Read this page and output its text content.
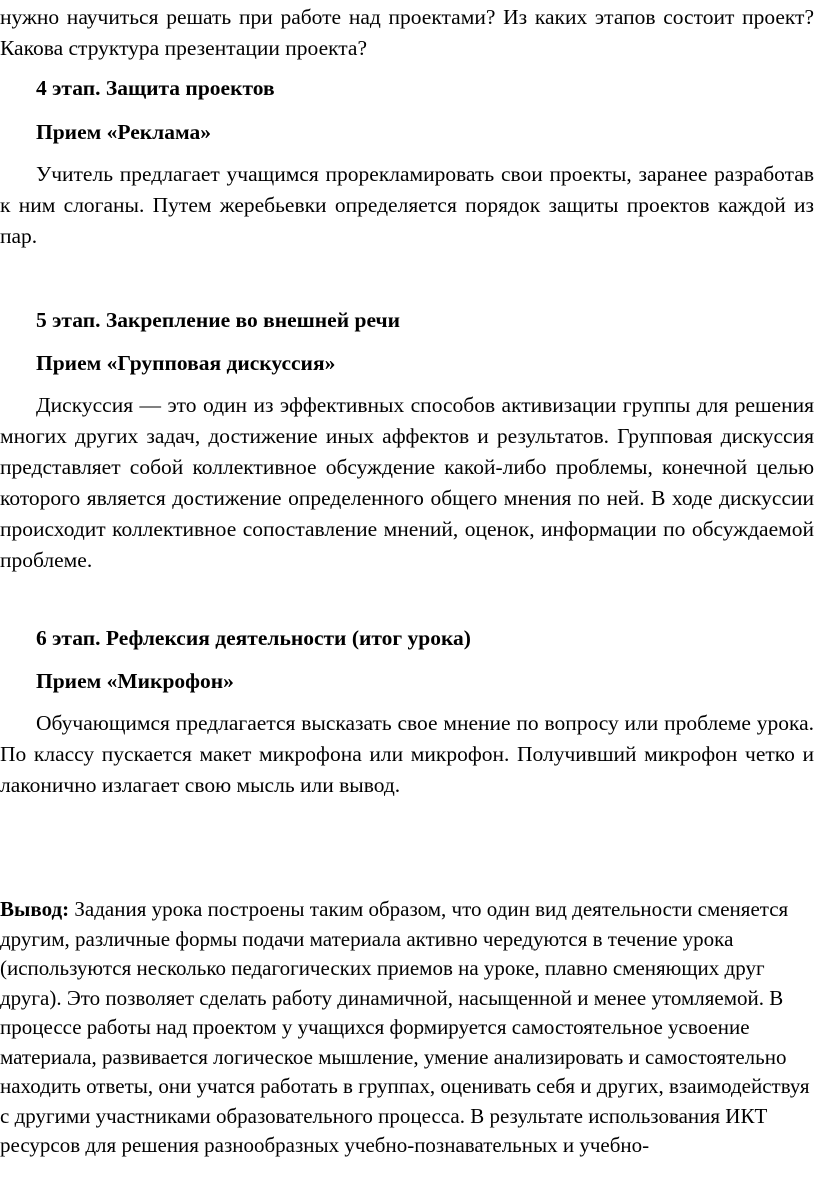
нужно научиться решать при работе над проектами? Из каких этапов состоит проект? Какова структура презентации проекта?

4 этап. Защита проектов

Прием «Реклама»

Учитель предлагает учащимся прорекламировать свои проекты, заранее разработав к ним слоганы. Путем жеребьевки определяется порядок защиты проектов каждой из пар.

5 этап. Закрепление во внешней речи

Прием «Групповая дискуссия»

Дискуссия — это один из эффективных способов активизации группы для решения многих других задач, достижение иных аффектов и результатов. Групповая дискуссия представляет собой коллективное обсуждение какой-либо проблемы, конечной целью которого является достижение определенного общего мнения по ней. В ходе дискуссии происходит коллективное сопоставление мнений, оценок, информации по обсуждаемой проблеме.

6 этап. Рефлексия деятельности (итог урока)

Прием «Микрофон»

Обучающимся предлагается высказать свое мнение по вопросу или проблеме урока. По классу пускается макет микрофона или микрофон. Получивший микрофон четко и лаконично излагает свою мысль или вывод.

Вывод: Задания урока построены таким образом, что один вид деятельности сменяется другим, различные формы подачи материала активно чередуются в течение урока (используются несколько педагогических приемов на уроке, плавно сменяющих друг друга). Это позволяет сделать работу динамичной, насыщенной и менее утомляемой. В процессе работы над проектом у учащихся формируется самостоятельное усвоение материала, развивается логическое мышление, умение анализировать и самостоятельно находить ответы, они учатся работать в группах, оценивать себя и других, взаимодействуя с другими участниками образовательного процесса. В результате использования ИКТ ресурсов для решения разнообразных учебно-познавательных и учебно-
